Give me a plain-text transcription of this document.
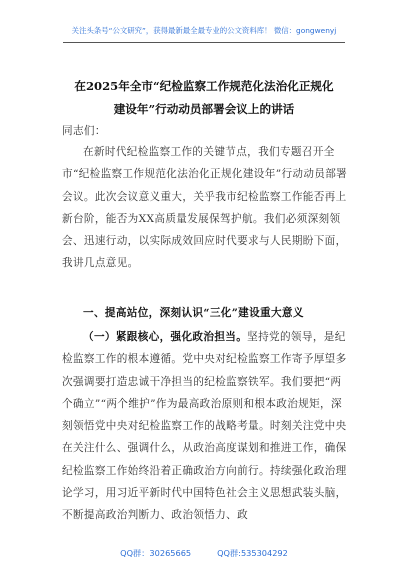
关注头条号“公文研究”，获得最新最全最专业的公文资料库！ 微信：gongwenyj
在2025年全市“纪检监察工作规范化法治化正规化建设年”行动动员部署会议上的讲话
同志们：
在新时代纪检监察工作的关键节点，我们专题召开全市“纪检监察工作规范化法治化正规化建设年”行动动员部署会议。此次会议意义重大，关乎我市纪检监察工作能否再上新台阶，能否为XX高质量发展保驾护航。我们必须深刻领会、迅速行动，以实际成效回应时代要求与人民期盼下面，我讲几点意见。
一、提高站位，深刻认识“三化”建设重大意义
（一）紧跟核心，强化政治担当。坚持党的领导，是纪检监察工作的根本遵循。党中央对纪检监察工作寄予厚望多次强调要打造忠诚干净担当的纪检监察铁军。我们要把“两个确立”“两个维护”作为最高政治原则和根本政治规矩，深刻领悟党中央对纪检监察工作的战略考量。时刻关注党中央在关注什么、强调什么，从政治高度谋划和推进工作，确保纪检监察工作始终沿着正确政治方向前行。持续强化政治理论学习，用习近平新时代中国特色社会主义思想武装头脑，不断提高政治判断力、政治领悟力、政
QQ群：30265665	QQ群:535304292
